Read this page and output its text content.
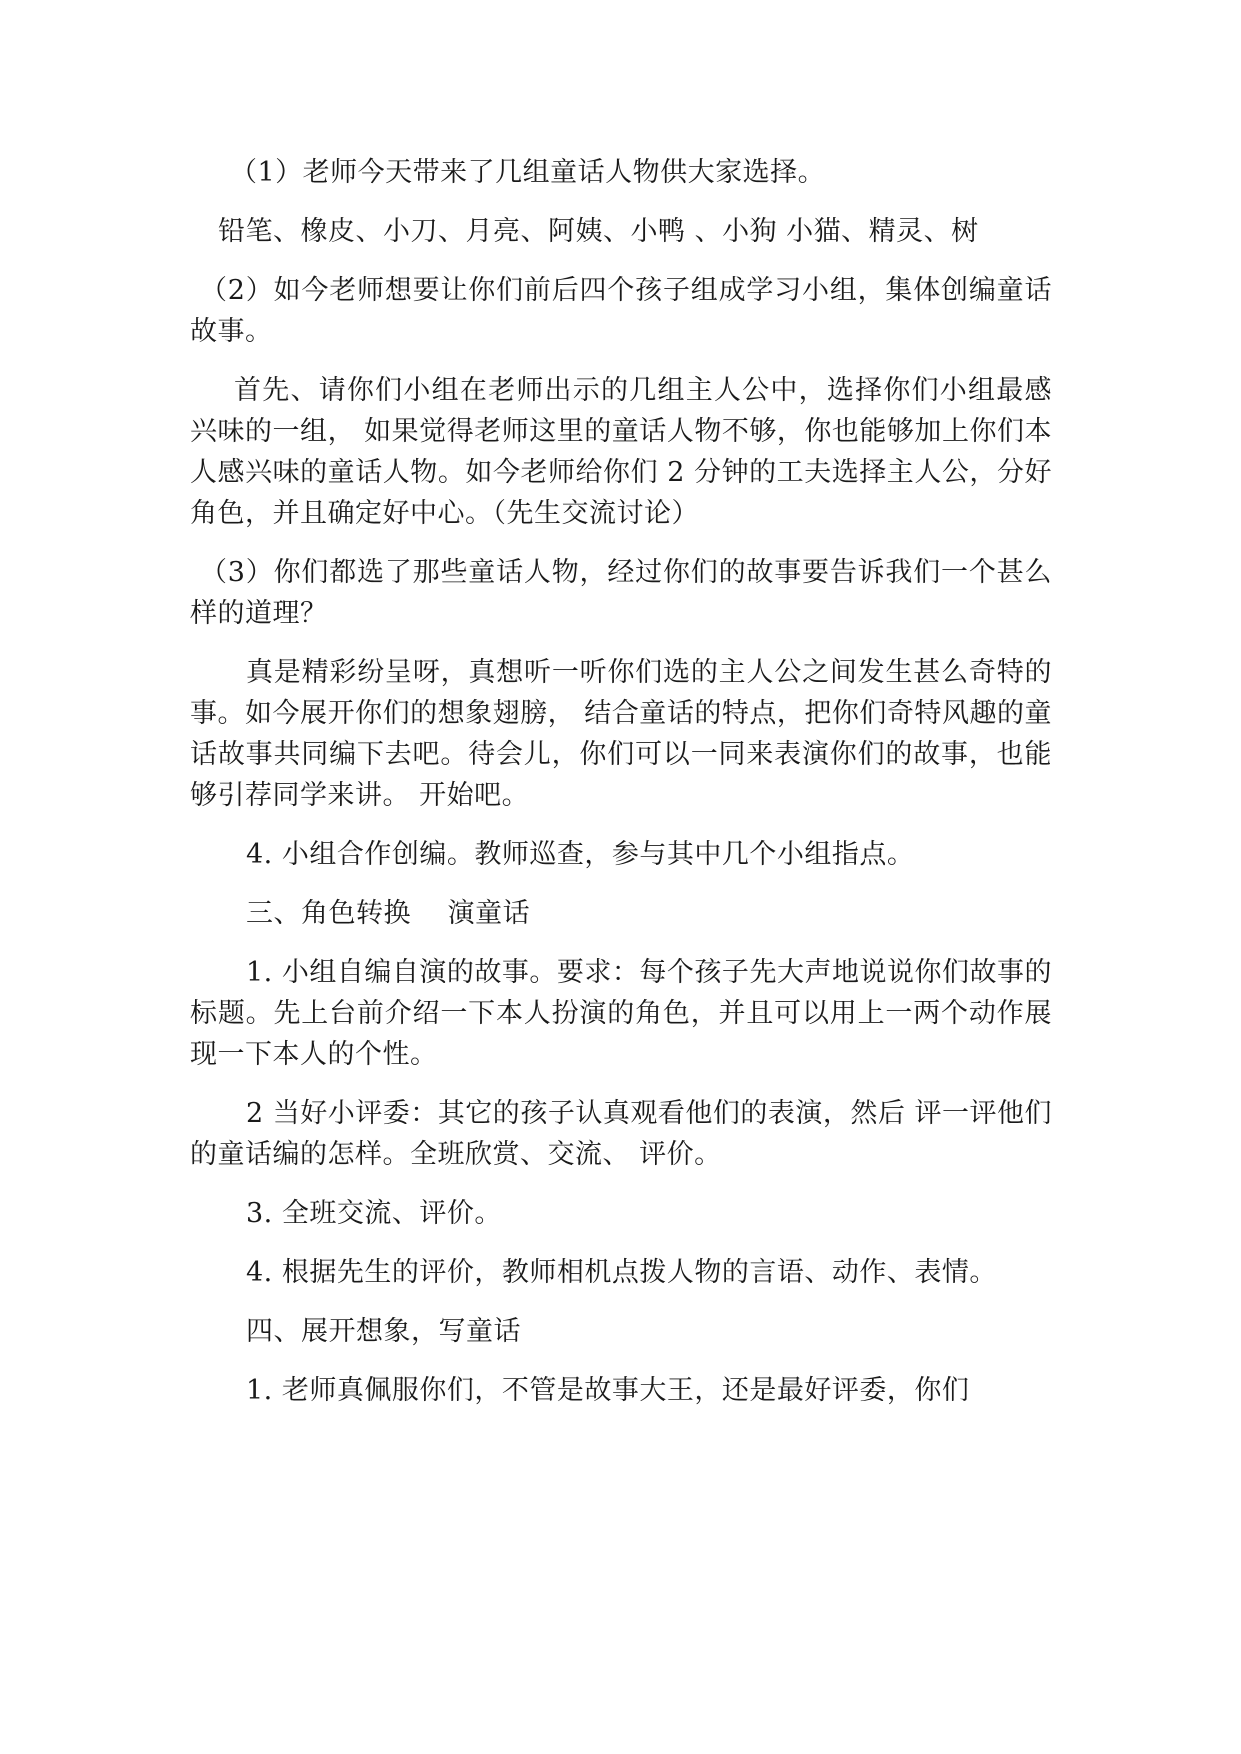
（1）老师今天带来了几组童话人物供大家选择。

铅笔、橡皮、小刀、月亮、阿姨、小鸭 、小狗 小猫、精灵、树

（2）如今老师想要让你们前后四个孩子组成学习小组，集体创编童话故事。

首先、请你们小组在老师出示的几组主人公中，选择你们小组最感兴味的一组， 如果觉得老师这里的童话人物不够，你也能够加上你们本人感兴味的童话人物。如今老师给你们 2 分钟的工夫选择主人公，分好角色，并且确定好中心。（先生交流讨论）

（3）你们都选了那些童话人物，经过你们的故事要告诉我们一个甚么样的道理？

真是精彩纷呈呀，真想听一听你们选的主人公之间发生甚么奇特的事。如今展开你们的想象翅膀， 结合童话的特点，把你们奇特风趣的童话故事共同编下去吧。待会儿，你们可以一同来表演你们的故事，也能够引荐同学来讲。 开始吧。

4. 小组合作创编。教师巡查，参与其中几个小组指点。

三、角色转换　 演童话

1. 小组自编自演的故事。要求：每个孩子先大声地说说你们故事的标题。先上台前介绍一下本人扮演的角色，并且可以用上一两个动作展现一下本人的个性。

2 当好小评委：其它的孩子认真观看他们的表演，然后 评一评他们的童话编的怎样。全班欣赏、交流、 评价。

3. 全班交流、评价。

4. 根据先生的评价，教师相机点拨人物的言语、动作、表情。

四、展开想象，写童话

1. 老师真佩服你们，不管是故事大王，还是最好评委，你们
